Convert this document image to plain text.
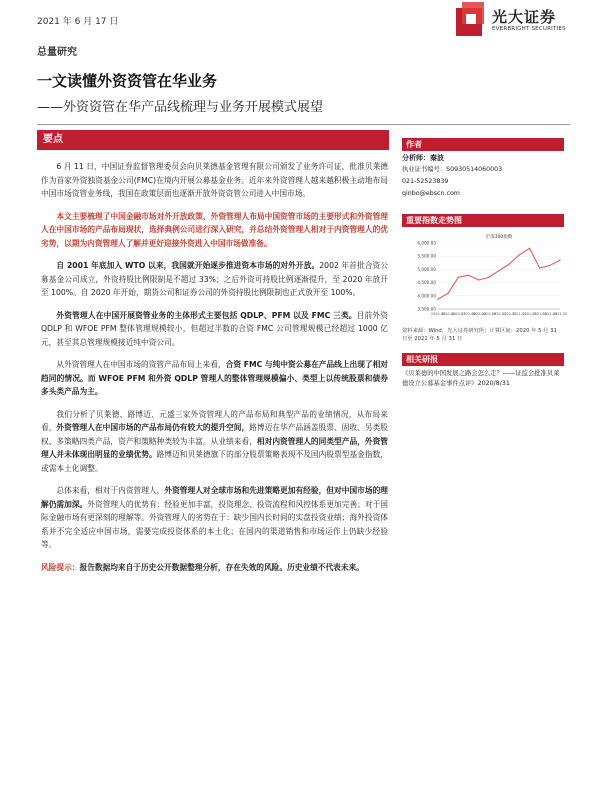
2021 年 6 月 17 日	光大证券
EVERBRIGHT SECURITIES
总量研究
一文读懂外资资管在华业务
——外资资管在华产品线梳理与业务开展模式展望
要点

6 月 11 日，中国证券监督管理委员会向贝莱德基金管理有限公司颁发了业务许可证，批准贝莱德作为首家外资独资基金公司(FMC)在境内开展公募基金业务。近年来外资管理人越来越积极主动地布局中国市场资管业务线，我国在政策层面也逐渐开放外资资管公司进入中国市场。

本文主要梳理了中国金融市场对外开放政策、外资管理人布局中国资管市场的主要形式和外资管理人在中国市场的产品布局现状，选择典例公司进行深入研究，并总结外资管理人相对于内资管理人的优劣势，以期为内资管理人了解并更好迎接外资进入中国市场做准备。

自 2001 年底加入 WTO 以来，我国就开始逐步推进资本市场的对外开放。2002 年首批合资公募基金公司成立，外资持股比例限制是不超过 33%；之后外资可持股比例逐渐提升，至 2020 年放开至 100%。自 2020 年开始，期货公司和证券公司的外资持股比例限制也正式放开至 100%。

外资管理人在中国开展资管业务的主体形式主要包括 QDLP、PFM 以及 FMC 三类。目前外资 QDLP 和 WFOE PFM 整体管理规模较小，但超过半数的合资 FMC 公司管理规模已经超过 1000 亿元，甚至其总管理规模接近纯中资公司。

从外资管理人在中国市场的资管产品布局上来看，合资 FMC 与纯中资公募在产品线上出现了相对趋同的情况。而 WFOE PFM 和外资 QDLP 管理人的整体管理规模偏小、类型上以传统股票和债券多头类产品为主。

我们分析了贝莱德、路博迈、元盛三家外资管理人的产品布局和典型产品的业绩情况，从布局来看，外资管理人在中国市场的产品布局仍有较大的提升空间，路博迈在华产品涵盖股票、固收、另类股权、多策略四类产品，资产和策略种类较为丰富。从业绩来看，相对内资管理人的同类型产品，外资管理人并未体现出明显的业绩优势。路博迈和贝莱德旗下的部分股票策略表现不及国内股票型基金指数，或需本土化调整。

总体来看，相对于内资管理人，外资管理人对全球市场和先进策略更加有经验，但对中国市场的理解仍需加深。外资管理人的优势有：经验更加丰富，投资理念、投资流程和风控体系更加完善；对于国际金融市场有更深刻的理解等。外资管理人的劣势在于：缺少国内长时间的实盘投资业绩；海外投资体系并不完全适应中国市场，需要完成投资体系的本土化；在国内的渠道销售和市场运作上仍缺少经验等。

风险提示：报告数据均来自于历史公开数据整理分析，存在失效的风险。历史业绩不代表未来。
作者
分析师：秦波
执业证书编号：S0930514060003
021-52523839
qinbo@ebscn.com
重要指数走势图
沪深300指数
6,000.00
5,500.00
5,000.00
4,500.00
4,000.00
3,500.00
2020-05
2020-06
2020-07
2020-08
2020-09
2020-10
2020-11
2020-12
2021-01
2021-02
2021-03
2021-04
2021-05
资料来源：Wind，光大证券研究所；计算区间：2020 年 5 月 31 日至 2021 年 5 月 31 日
相关研报
《贝莱德的中国发展之路会怎么走？——证监会批准贝莱德设立公募基金事件点评》2020/8/31
